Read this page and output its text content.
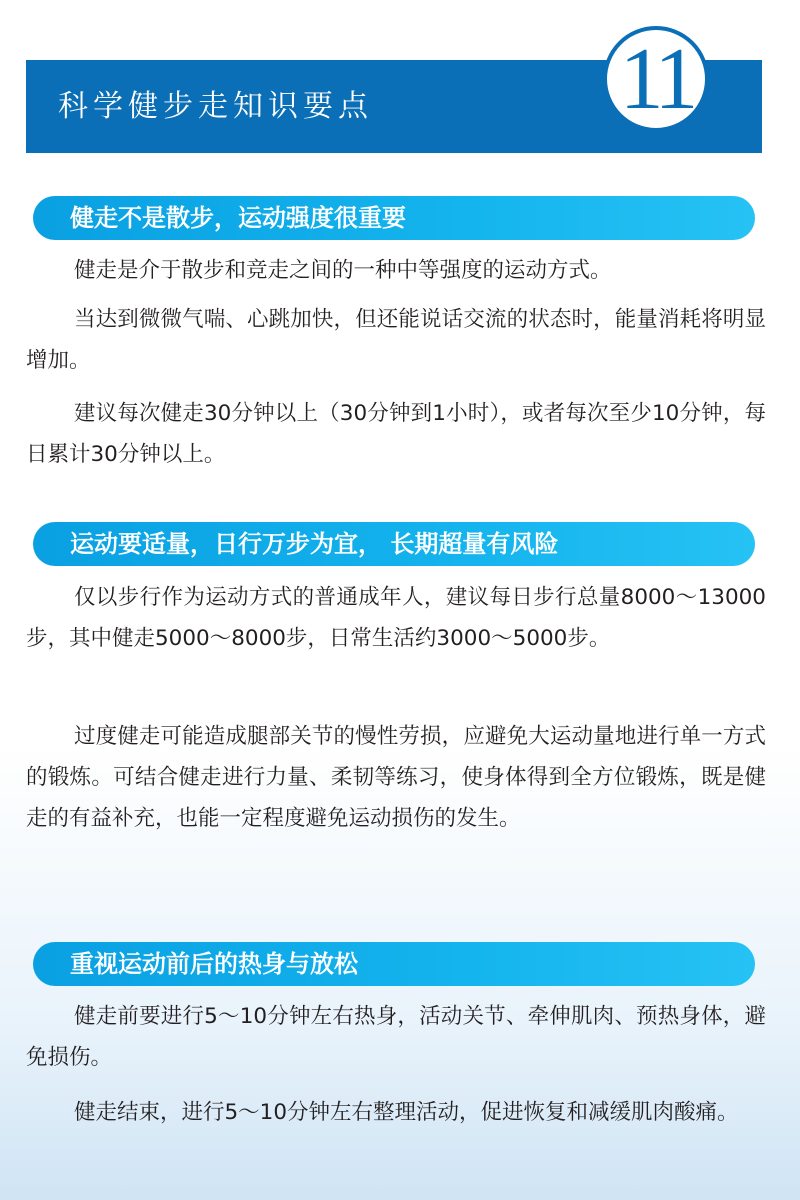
科学健步走知识要点	11
健走不是散步，运动强度很重要

健走是介于散步和竞走之间的一种中等强度的运动方式。

当达到微微气喘、心跳加快，但还能说话交流的状态时，能量消耗将明显增加。

建议每次健走30分钟以上（30分钟到1小时），或者每次至少10分钟，每日累计30分钟以上。

运动要适量，日行万步为宜， 长期超量有风险

仅以步行作为运动方式的普通成年人，建议每日步行总量8000～13000步，其中健走5000～8000步，日常生活约3000～5000步。

过度健走可能造成腿部关节的慢性劳损，应避免大运动量地进行单一方式的锻炼。可结合健走进行力量、柔韧等练习，使身体得到全方位锻炼，既是健走的有益补充，也能一定程度避免运动损伤的发生。

重视运动前后的热身与放松

健走前要进行5～10分钟左右热身，活动关节、牵伸肌肉、预热身体，避免损伤。

健走结束，进行5～10分钟左右整理活动，促进恢复和减缓肌肉酸痛。
